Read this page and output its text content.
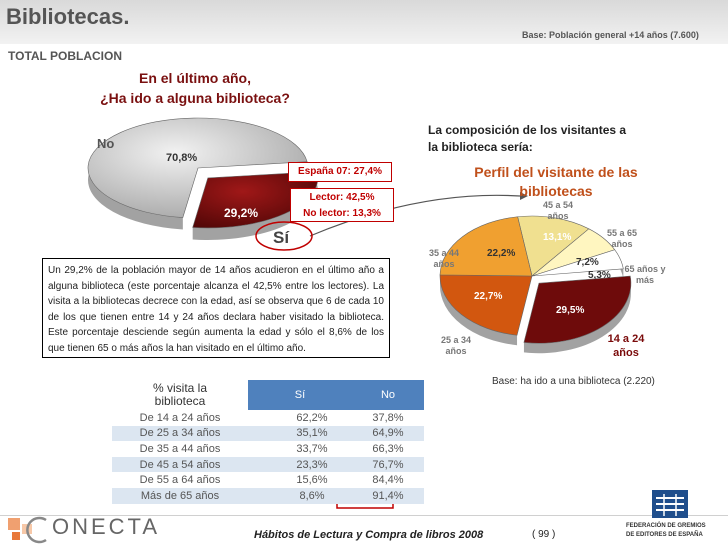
Bibliotecas.
Base: Población general +14 años (7.600)
TOTAL POBLACION
En el último año,
¿Ha ido a alguna biblioteca?
No
70,8%
29,2%
Sí
España 07: 27,4%
Lector: 42,5%
No lector: 13,3%
Un 29,2% de la población mayor de 14 años acudieron en el último año a alguna biblioteca (este porcentaje alcanza el 42,5% entre los lectores). La visita a la bibliotecas decrece con la edad, así se observa que 6 de cada 10 de los que tienen entre 14 y 24 años declara haber visitado la biblioteca. Este porcentaje desciende según aumenta la edad y sólo el 8,6% de los que tienen 65 o más años la han visitado en el último año.
La composición de los visitantes a
la biblioteca sería:
Perfil del visitante de las
bibliotecas
29,5%
22,7%
22,2%
13,1%
7,2%
5,3%
45 a 54
años
55 a 65
años
65 años y
más
35 a 44
años
25 a 34
años
14 a 24
años
Base: ha ido a una biblioteca (2.220)
% visita la
biblioteca	Sí	No
De 14 a 24 años	62,2%	37,8%
De 25 a 34 años	35,1%	64,9%
De 35 a 44 años	33,7%	66,3%
De 45 a 54 años	23,3%	76,7%
De 55 a 64 años	15,6%	84,4%
Más de 65 años	8,6%	91,4%
ONECTA	Hábitos de Lectura y Compra de libros 2008	( 99 )
FEDERACIÓN DE GREMIOS
DE EDITORES DE ESPAÑA
